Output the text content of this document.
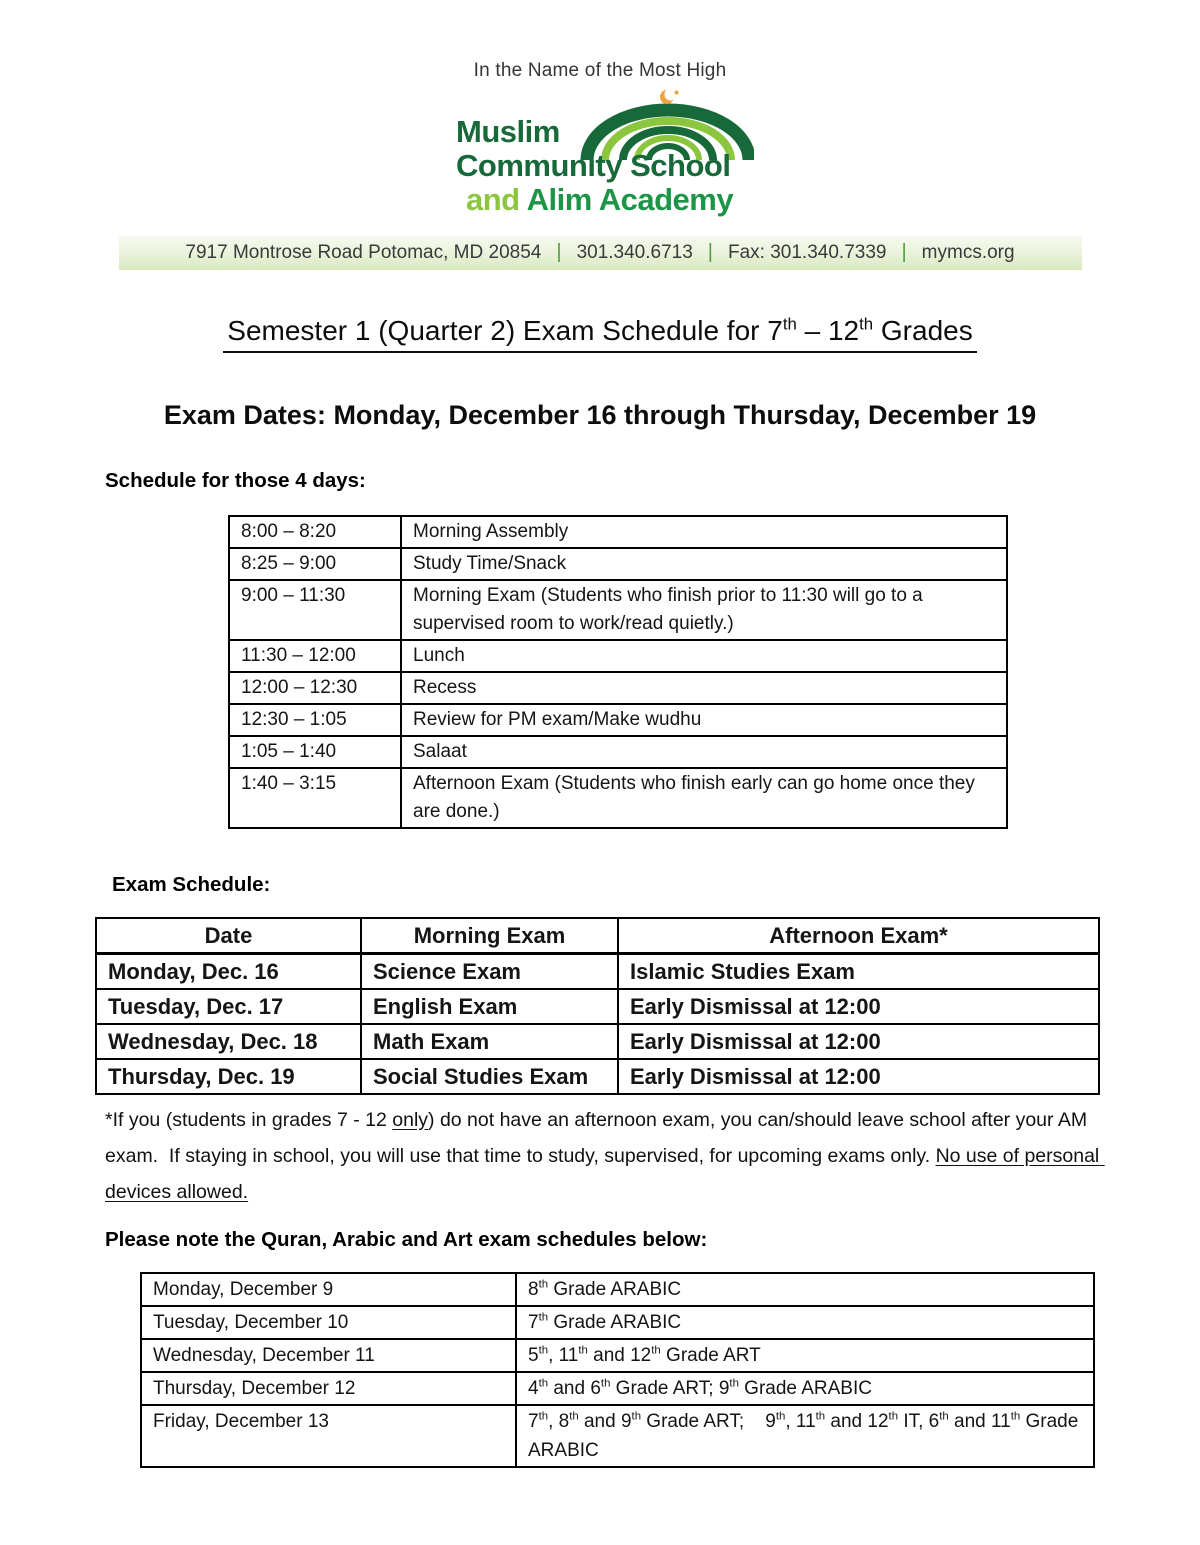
In the Name of the Most High
Muslim
Community School
and Alim Academy
7917 Montrose Road Potomac, MD 20854 | 301.340.6713 | Fax: 301.340.7339 | mymcs.org
Semester 1 (Quarter 2) Exam Schedule for 7th – 12th Grades
Exam Dates: Monday, December 16 through Thursday, December 19
Schedule for those 4 days:
8:00 – 8:20	Morning Assembly
8:25 – 9:00	Study Time/Snack
9:00 – 11:30	Morning Exam (Students who finish prior to 11:30 will go to a supervised room to work/read quietly.)
11:30 – 12:00	Lunch
12:00 – 12:30	Recess
12:30 – 1:05	Review for PM exam/Make wudhu
1:05 – 1:40	Salaat
1:40 – 3:15	Afternoon Exam (Students who finish early can go home once they are done.)
Exam Schedule:
Date	Morning Exam	Afternoon Exam*
Monday, Dec. 16	Science Exam	Islamic Studies Exam
Tuesday, Dec. 17	English Exam	Early Dismissal at 12:00
Wednesday, Dec. 18	Math Exam	Early Dismissal at 12:00
Thursday, Dec. 19	Social Studies Exam	Early Dismissal at 12:00
*If you (students in grades 7 - 12 only) do not have an afternoon exam, you can/should leave school after your AM exam.  If staying in school, you will use that time to study, supervised, for upcoming exams only. No use of personal devices allowed.
Please note the Quran, Arabic and Art exam schedules below:
Monday, December 9	8th Grade ARABIC
Tuesday, December 10	7th Grade ARABIC
Wednesday, December 11	5th, 11th and 12th Grade ART
Thursday, December 12	4th and 6th Grade ART; 9th Grade ARABIC
Friday, December 13	7th, 8th and 9th Grade ART;    9th, 11th and 12th IT, 6th and 11th Grade ARABIC
